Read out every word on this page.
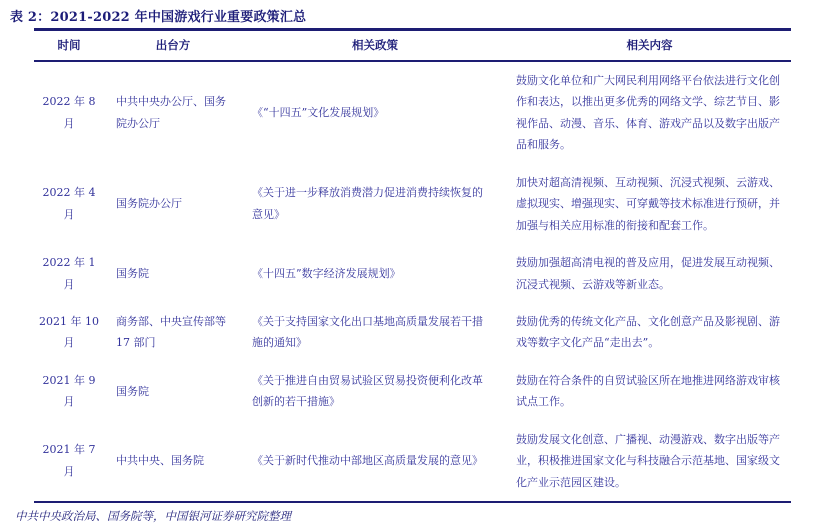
表 2：2021-2022 年中国游戏行业重要政策汇总
时间	出台方	相关政策	相关内容
2022 年 8 月	中共中央办公厅、国务院办公厅	《“十四五”文化发展规划》	鼓励文化单位和广大网民利用网络平台依法进行文化创作和表达，以推出更多优秀的网络文学、综艺节目、影视作品、动漫、音乐、体育、游戏产品以及数字出版产品和服务。
2022 年 4 月	国务院办公厅	《关于进一步释放消费潜力促进消费持续恢复的意见》	加快对超高清视频、互动视频、沉浸式视频、云游戏、虚拟现实、增强现实、可穿戴等技术标准进行预研，并加强与相关应用标准的衔接和配套工作。
2022 年 1 月	国务院	《十四五”数字经济发展规划》	鼓励加强超高清电视的普及应用，促进发展互动视频、沉浸式视频、云游戏等新业态。
2021 年 10 月	商务部、中央宣传部等 17 部门	《关于支持国家文化出口基地高质量发展若干措施的通知》	鼓励优秀的传统文化产品、文化创意产品及影视剧、游戏等数字文化产品“走出去”。
2021 年 9 月	国务院	《关于推进自由贸易试验区贸易投资便利化改革创新的若干措施》	鼓励在符合条件的自贸试验区所在地推进网络游戏审核试点工作。
2021 年 7 月	中共中央、国务院	《关于新时代推动中部地区高质量发展的意见》	鼓励发展文化创意、广播视、动漫游戏、数字出版等产业，积极推进国家文化与科技融合示范基地、国家级文化产业示范园区建设。
中共中央政治局、国务院等，中国银河证券研究院整理
